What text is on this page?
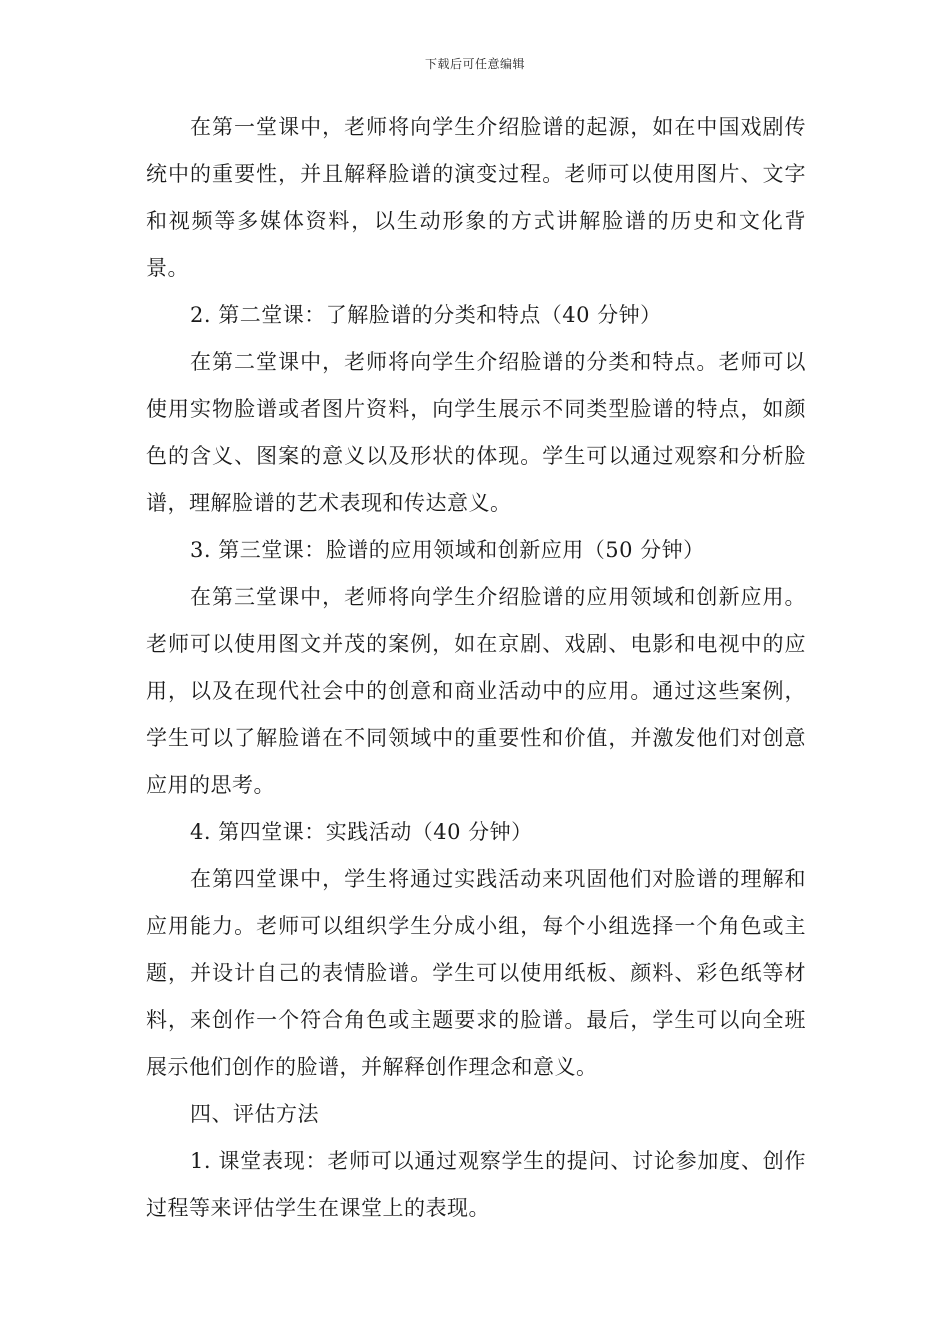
下载后可任意编辑

在第一堂课中，老师将向学生介绍脸谱的起源，如在中国戏剧传统中的重要性，并且解释脸谱的演变过程。老师可以使用图片、文字和视频等多媒体资料，以生动形象的方式讲解脸谱的历史和文化背景。

2. 第二堂课：了解脸谱的分类和特点（40 分钟）

在第二堂课中，老师将向学生介绍脸谱的分类和特点。老师可以使用实物脸谱或者图片资料，向学生展示不同类型脸谱的特点，如颜色的含义、图案的意义以及形状的体现。学生可以通过观察和分析脸谱，理解脸谱的艺术表现和传达意义。

3. 第三堂课：脸谱的应用领域和创新应用（50 分钟）

在第三堂课中，老师将向学生介绍脸谱的应用领域和创新应用。老师可以使用图文并茂的案例，如在京剧、戏剧、电影和电视中的应用，以及在现代社会中的创意和商业活动中的应用。通过这些案例，学生可以了解脸谱在不同领域中的重要性和价值，并激发他们对创意应用的思考。

4. 第四堂课：实践活动（40 分钟）

在第四堂课中，学生将通过实践活动来巩固他们对脸谱的理解和应用能力。老师可以组织学生分成小组，每个小组选择一个角色或主题，并设计自己的表情脸谱。学生可以使用纸板、颜料、彩色纸等材料，来创作一个符合角色或主题要求的脸谱。最后，学生可以向全班展示他们创作的脸谱，并解释创作理念和意义。

四、评估方法

1. 课堂表现：老师可以通过观察学生的提问、讨论参加度、创作过程等来评估学生在课堂上的表现。
